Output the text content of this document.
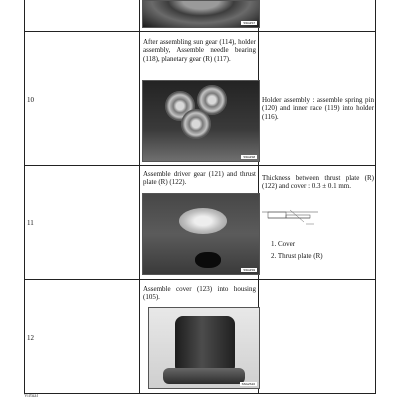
SSG2S7
10
After assembling sun gear (114), holder assembly, Assemble needle bearing (118), planetary gear (R) (117).
SSG2S8
Holder assembly : assemble spring pin (120) and inner race (119) into holder (116).
11
Assemble driver gear (121) and thrust plate (R) (122).
SSG2S9
Thickness between thrust plate (R) (122) and cover : 0.3 ± 0.1 mm.
1. Cover
2. Thrust plate (R)
12
Assemble cover (123) into housing (105).
SSG2S10
Virtual
